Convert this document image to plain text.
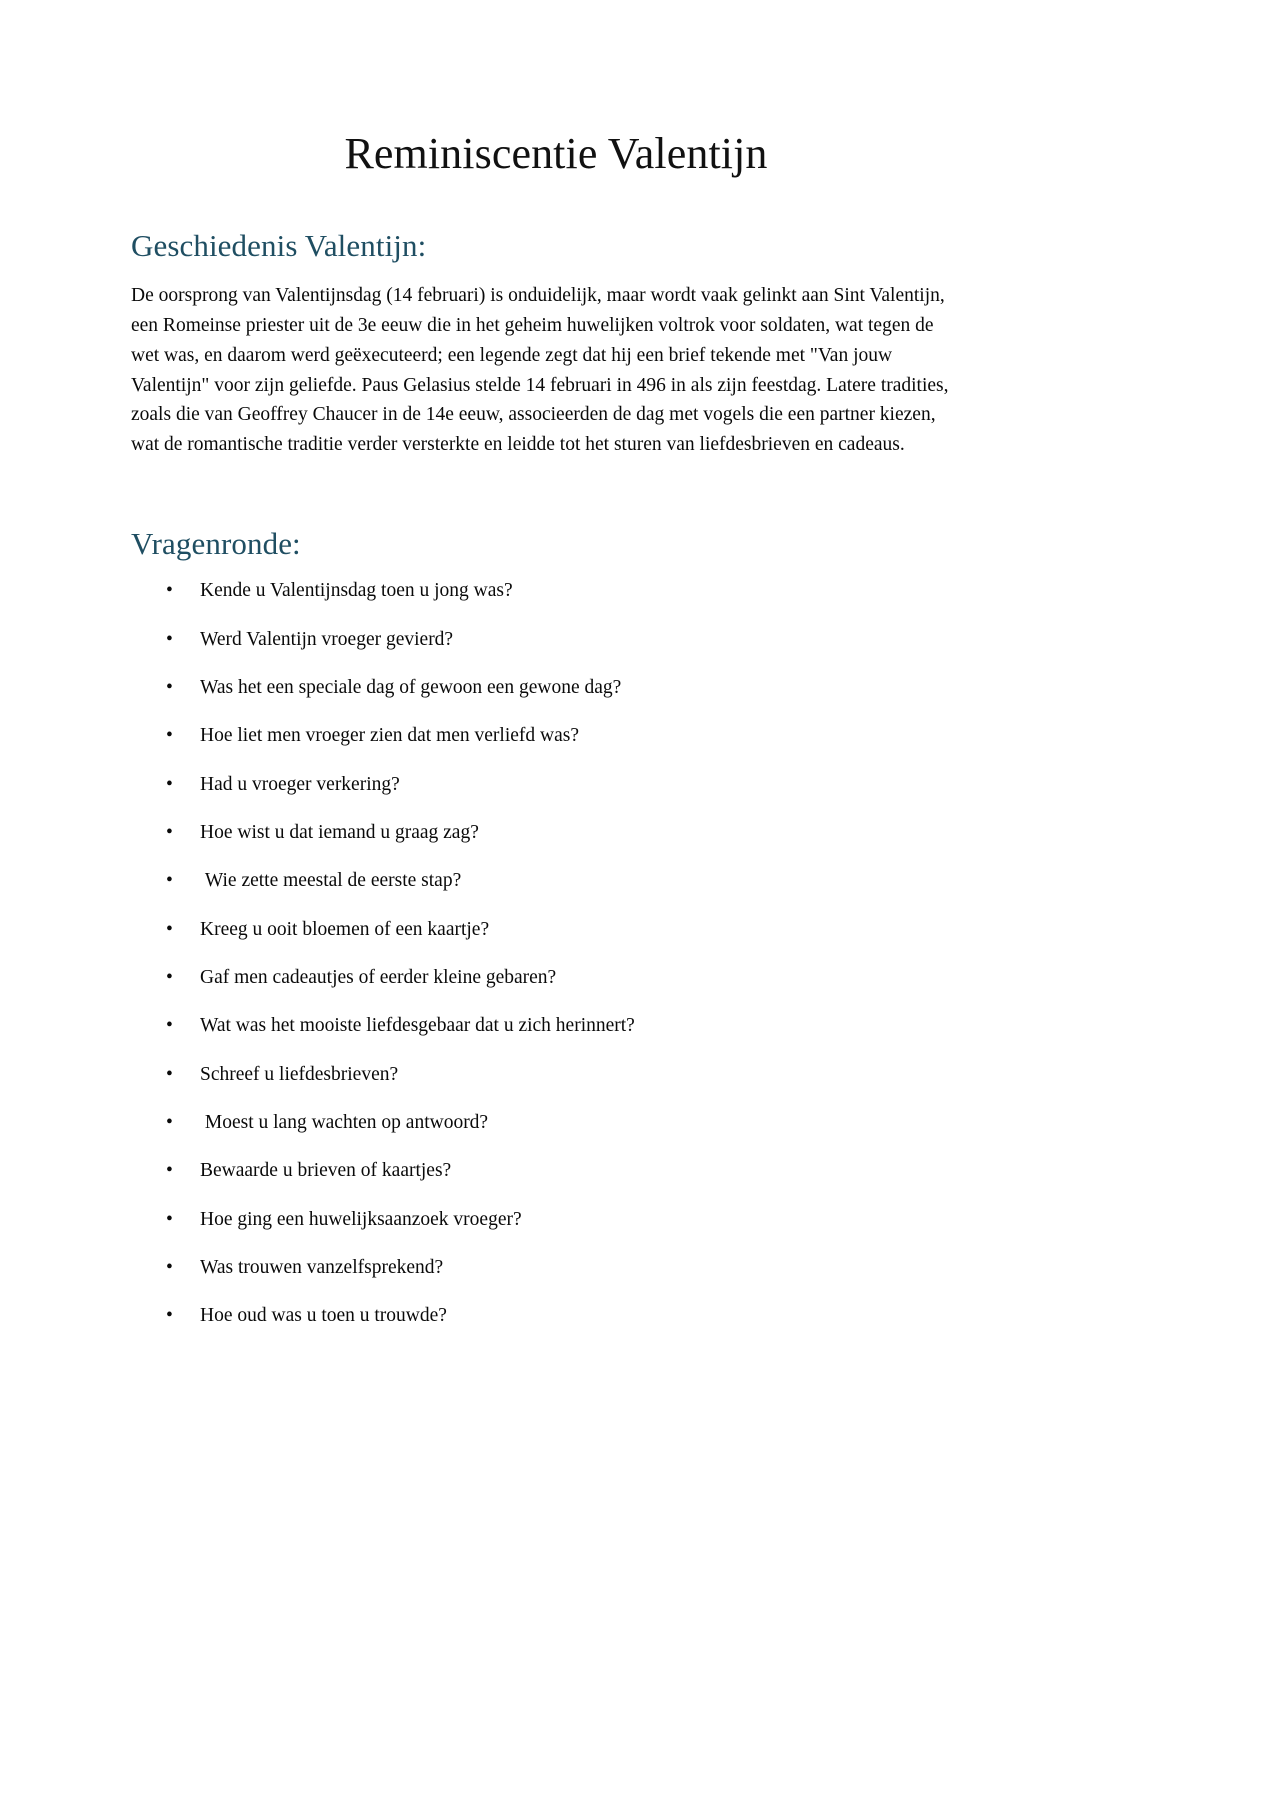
Reminiscentie Valentijn
Geschiedenis Valentijn:

De oorsprong van Valentijnsdag (14 februari) is onduidelijk, maar wordt vaak gelinkt aan Sint Valentijn, een Romeinse priester uit de 3e eeuw die in het geheim huwelijken voltrok voor soldaten, wat tegen de wet was, en daarom werd geëxecuteerd; een legende zegt dat hij een brief tekende met "Van jouw Valentijn" voor zijn geliefde. Paus Gelasius stelde 14 februari in 496 in als zijn feestdag. Latere tradities, zoals die van Geoffrey Chaucer in de 14e eeuw, associeerden de dag met vogels die een partner kiezen, wat de romantische traditie verder versterkte en leidde tot het sturen van liefdesbrieven en cadeaus.

Vragenronde:
• Kende u Valentijnsdag toen u jong was?
• Werd Valentijn vroeger gevierd?
• Was het een speciale dag of gewoon een gewone dag?
• Hoe liet men vroeger zien dat men verliefd was?
• Had u vroeger verkering?
• Hoe wist u dat iemand u graag zag?
• Wie zette meestal de eerste stap?
• Kreeg u ooit bloemen of een kaartje?
• Gaf men cadeautjes of eerder kleine gebaren?
• Wat was het mooiste liefdesgebaar dat u zich herinnert?
• Schreef u liefdesbrieven?
• Moest u lang wachten op antwoord?
• Bewaarde u brieven of kaartjes?
• Hoe ging een huwelijksaanzoek vroeger?
• Was trouwen vanzelfsprekend?
• Hoe oud was u toen u trouwde?
